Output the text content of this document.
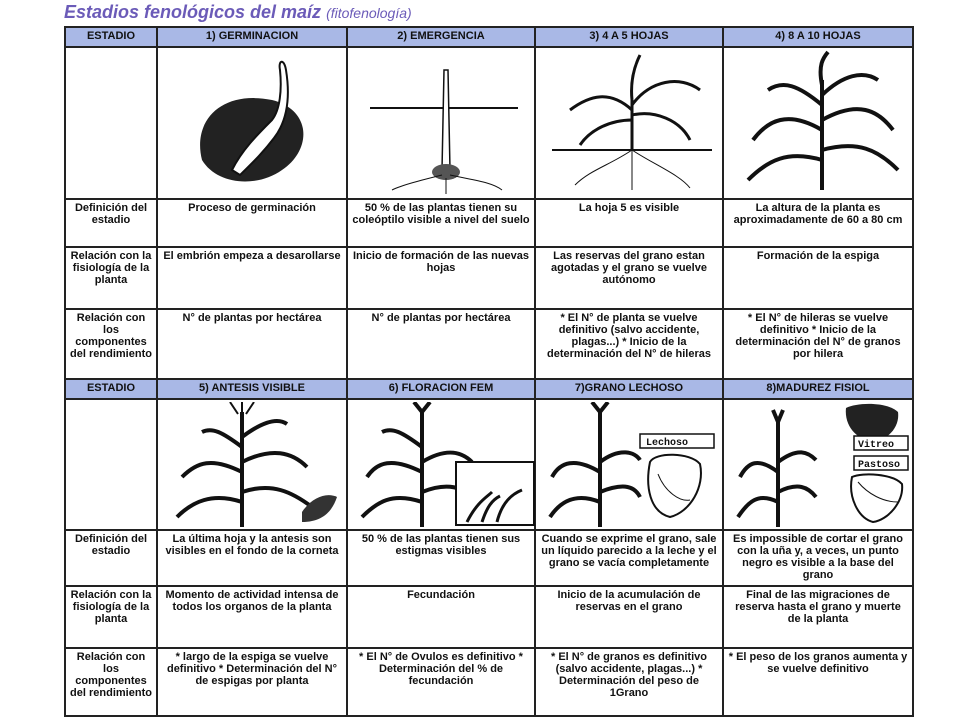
Estadios fenológicos del maíz (fitofenología)
ESTADIO	1) GERMINACION	2) EMERGENCIA	3) 4 A 5 HOJAS	4) 8 A 10 HOJAS

Definición del estadio	Proceso de germinación	50 % de las plantas tienen su coleóptilo visible a nivel del suelo	La hoja 5 es visible	La altura de la planta es aproximadamente de 60 a 80 cm
Relación con la fisiología de la planta	El embrión empeza a desarollarse	Inicio de formación de las nuevas hojas	Las reservas del grano estan agotadas y el grano se vuelve autónomo	Formación de la espiga
Relación con los componentes del rendimiento	N° de plantas por hectárea	N° de plantas por hectárea	* El N° de planta se vuelve definitivo (salvo accidente, plagas...) * Inicio de la determinación del N° de hileras	* El N° de hileras se vuelve definitivo * Inicio de la determinación del N° de granos por hilera
ESTADIO	5) ANTESIS VISIBLE	6) FLORACION FEM	7)GRANO LECHOSO	8)MADUREZ FISIOL

Lechoso	Vitreo
Pastoso

Definición del estadio	La última hoja y la antesis son visibles en el fondo de la corneta	50 % de las plantas tienen sus estigmas visibles	Cuando se exprime el grano, sale un líquido parecido a la leche y el grano se vacía completamente	Es impossible de cortar el grano con la uña y, a veces, un punto negro es visible a la base del grano
Relación con la fisiología de la planta	Momento de actividad intensa de todos los organos de la planta	Fecundación	Inicio de la acumulación de reservas en el grano	Final de las migraciones de reserva hasta el grano y muerte de la planta
Relación con los componentes del rendimiento	* largo de la espiga se vuelve definitivo * Determinación del N° de espigas por planta	* El N° de Ovulos es definitivo * Determinación del % de fecundación	* El N° de granos es definitivo (salvo accidente, plagas...) * Determinación del peso de 1Grano	* El peso de los granos aumenta y se vuelve definitivo
